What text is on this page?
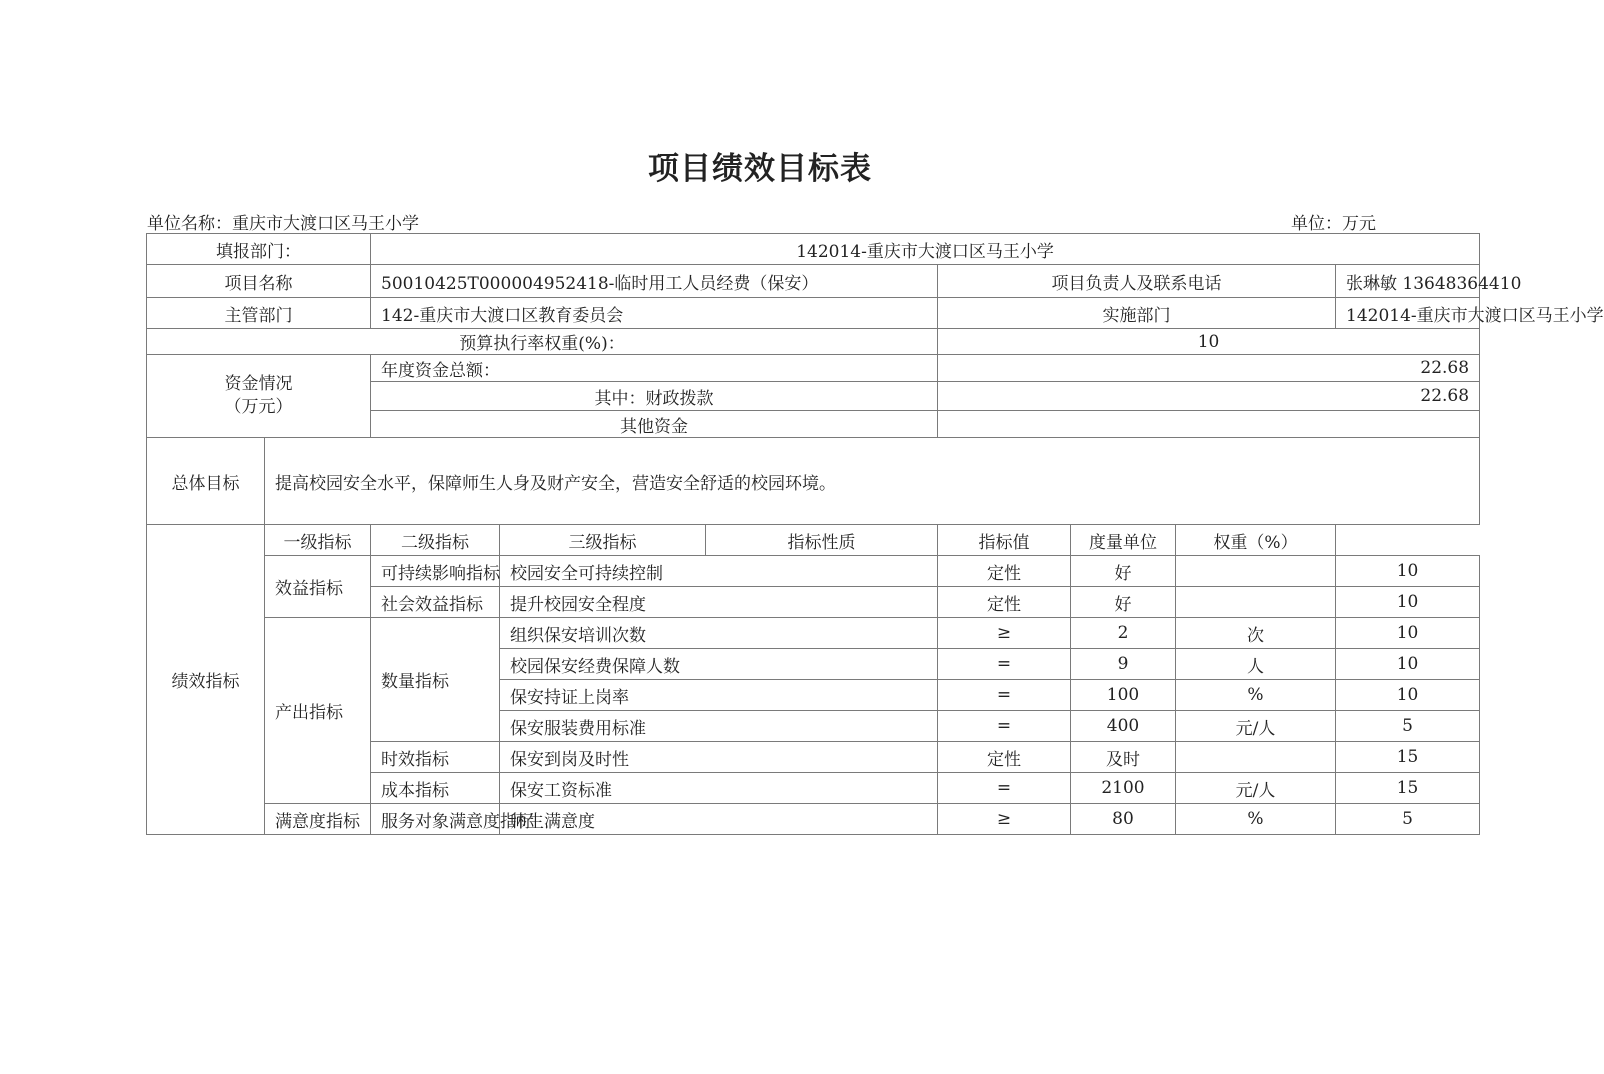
项目绩效目标表
单位名称：重庆市大渡口区马王小学	单位：万元
填报部门：		142014-重庆市大渡口区马王小学						
项目名称		50010425T000004952418-临时用工人员经费（保安）			项目负责人及联系电话			张琳敏 13648364410
主管部门		142-重庆市大渡口区教育委员会			实施部门			142014-重庆市大渡口区马王小学
预算执行率权重(%)：					10			

资金情况
（万元）		年度资金总额：			22.68			
		其中：财政拨款			22.68			
		其他资金						
总体目标	提高校园安全水平，保障师生人身及财产安全，营造安全舒适的校园环境。							
绩效指标	一级指标	二级指标	三级指标	指标性质	指标值	度量单位	权重（%）	
	效益指标	可持续影响指标	校园安全可持续控制		定性	好		10
		社会效益指标	提升校园安全程度		定性	好		10
	产出指标	数量指标	组织保安培训次数		≥	2	次	10
			校园保安经费保障人数		=	9	人	10
			保安持证上岗率		=	100	%	10
			保安服装费用标准		=	400	元/人	5
		时效指标	保安到岗及时性		定性	及时		15
		成本指标	保安工资标准		=	2100	元/人	15
	满意度指标	服务对象满意度指标	师生满意度		≥	80	%	5
